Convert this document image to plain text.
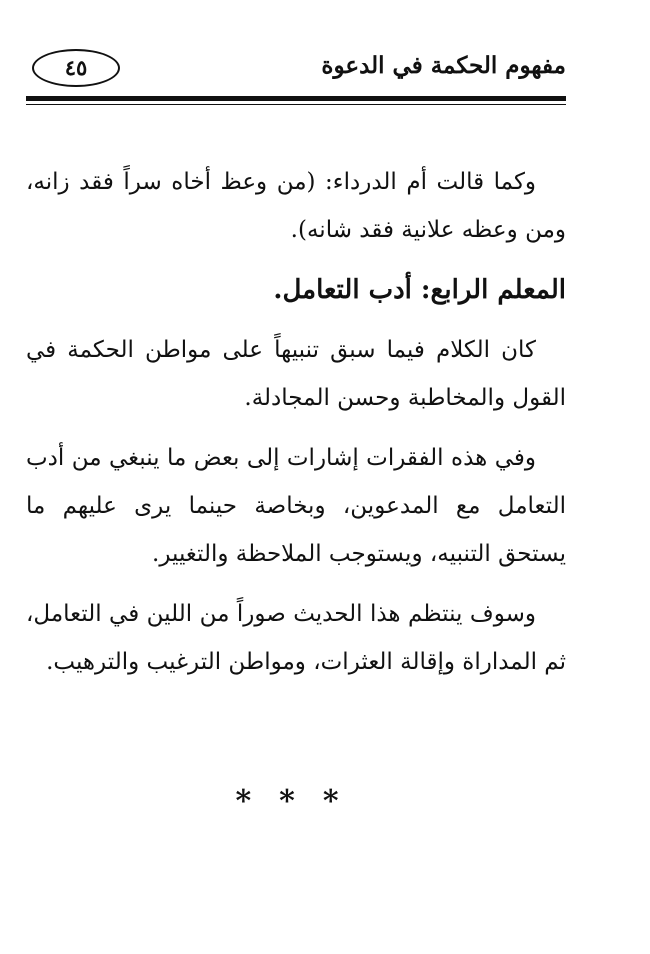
مفهوم الحكمة في الدعوة
٤٥

وكما قالت أم الدرداء: (من وعظ أخاه سراً فقد زانه، ومن وعظه علانية فقد شانه).

المعلم الرابع: أدب التعامل.

كان الكلام فيما سبق تنبيهاً على مواطن الحكمة في القول والمخاطبة وحسن المجادلة.

وفي هذه الفقرات إشارات إلى بعض ما ينبغي من أدب التعامل مع المدعوين، وبخاصة حينما يرى عليهم ما يستحق التنبيه، ويستوجب الملاحظة والتغيير.

وسوف ينتظم هذا الحديث صوراً من اللين في التعامل، ثم المداراة وإقالة العثرات، ومواطن الترغيب والترهيب.

***
